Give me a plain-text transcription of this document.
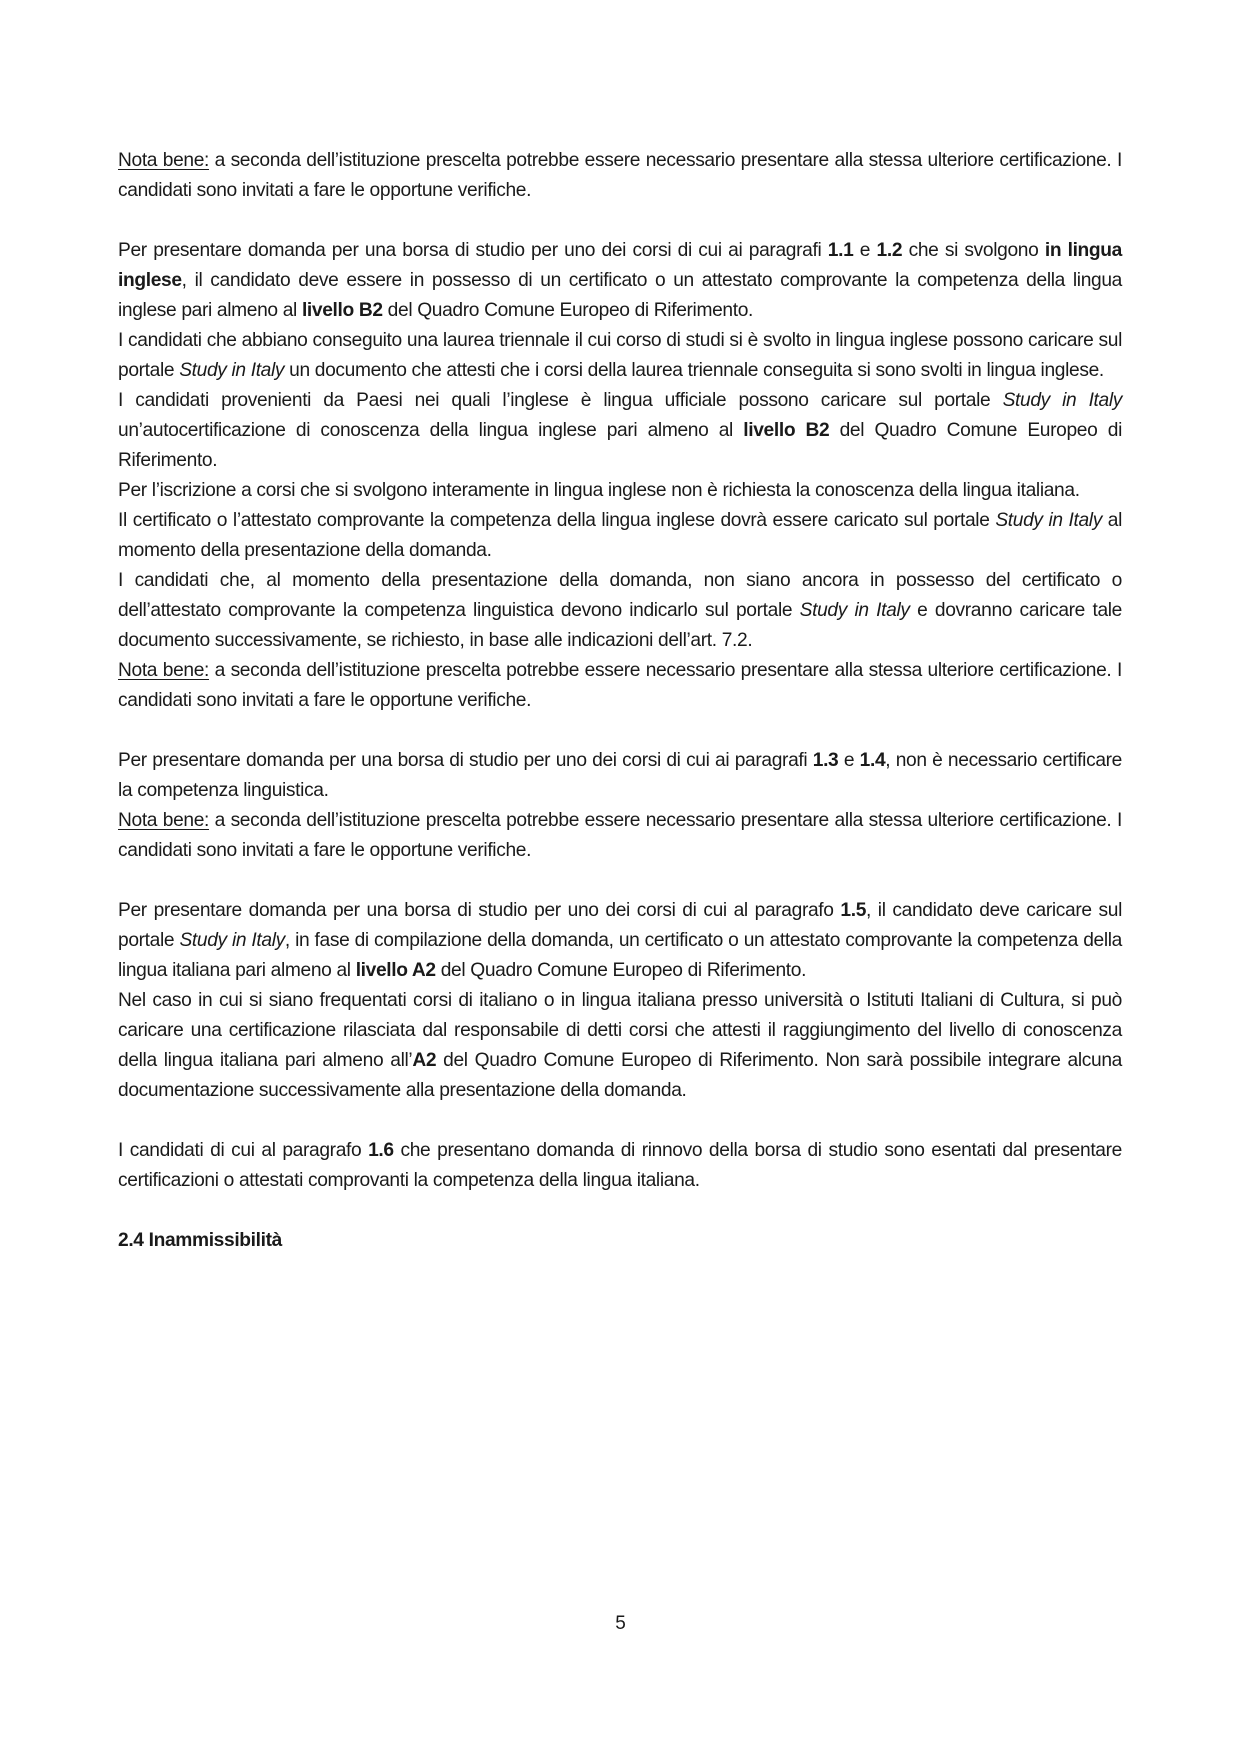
Nota bene: a seconda dell’istituzione prescelta potrebbe essere necessario presentare alla stessa ulteriore certificazione. I candidati sono invitati a fare le opportune verifiche.

Per presentare domanda per una borsa di studio per uno dei corsi di cui ai paragrafi 1.1 e 1.2 che si svolgono in lingua inglese, il candidato deve essere in possesso di un certificato o un attestato comprovante la competenza della lingua inglese pari almeno al livello B2 del Quadro Comune Europeo di Riferimento.

I candidati che abbiano conseguito una laurea triennale il cui corso di studi si è svolto in lingua inglese possono caricare sul portale Study in Italy un documento che attesti che i corsi della laurea triennale conseguita si sono svolti in lingua inglese.

I candidati provenienti da Paesi nei quali l’inglese è lingua ufficiale possono caricare sul portale Study in Italy un’autocertificazione di conoscenza della lingua inglese pari almeno al livello B2 del Quadro Comune Europeo di Riferimento.

Per l’iscrizione a corsi che si svolgono interamente in lingua inglese non è richiesta la conoscenza della lingua italiana.

Il certificato o l’attestato comprovante la competenza della lingua inglese dovrà essere caricato sul portale Study in Italy al momento della presentazione della domanda.

I candidati che, al momento della presentazione della domanda, non siano ancora in possesso del certificato o dell’attestato comprovante la competenza linguistica devono indicarlo sul portale Study in Italy e dovranno caricare tale documento successivamente, se richiesto, in base alle indicazioni dell’art. 7.2.

Nota bene: a seconda dell’istituzione prescelta potrebbe essere necessario presentare alla stessa ulteriore certificazione. I candidati sono invitati a fare le opportune verifiche.

Per presentare domanda per una borsa di studio per uno dei corsi di cui ai paragrafi 1.3 e 1.4, non è necessario certificare la competenza linguistica.

Nota bene: a seconda dell’istituzione prescelta potrebbe essere necessario presentare alla stessa ulteriore certificazione. I candidati sono invitati a fare le opportune verifiche.

Per presentare domanda per una borsa di studio per uno dei corsi di cui al paragrafo 1.5, il candidato deve caricare sul portale Study in Italy, in fase di compilazione della domanda, un certificato o un attestato comprovante la competenza della lingua italiana pari almeno al livello A2 del Quadro Comune Europeo di Riferimento.

Nel caso in cui si siano frequentati corsi di italiano o in lingua italiana presso università o Istituti Italiani di Cultura, si può caricare una certificazione rilasciata dal responsabile di detti corsi che attesti il raggiungimento del livello di conoscenza della lingua italiana pari almeno all’A2 del Quadro Comune Europeo di Riferimento. Non sarà possibile integrare alcuna documentazione successivamente alla presentazione della domanda.

I candidati di cui al paragrafo 1.6 che presentano domanda di rinnovo della borsa di studio sono esentati dal presentare certificazioni o attestati comprovanti la competenza della lingua italiana.

2.4 Inammissibilità

5
